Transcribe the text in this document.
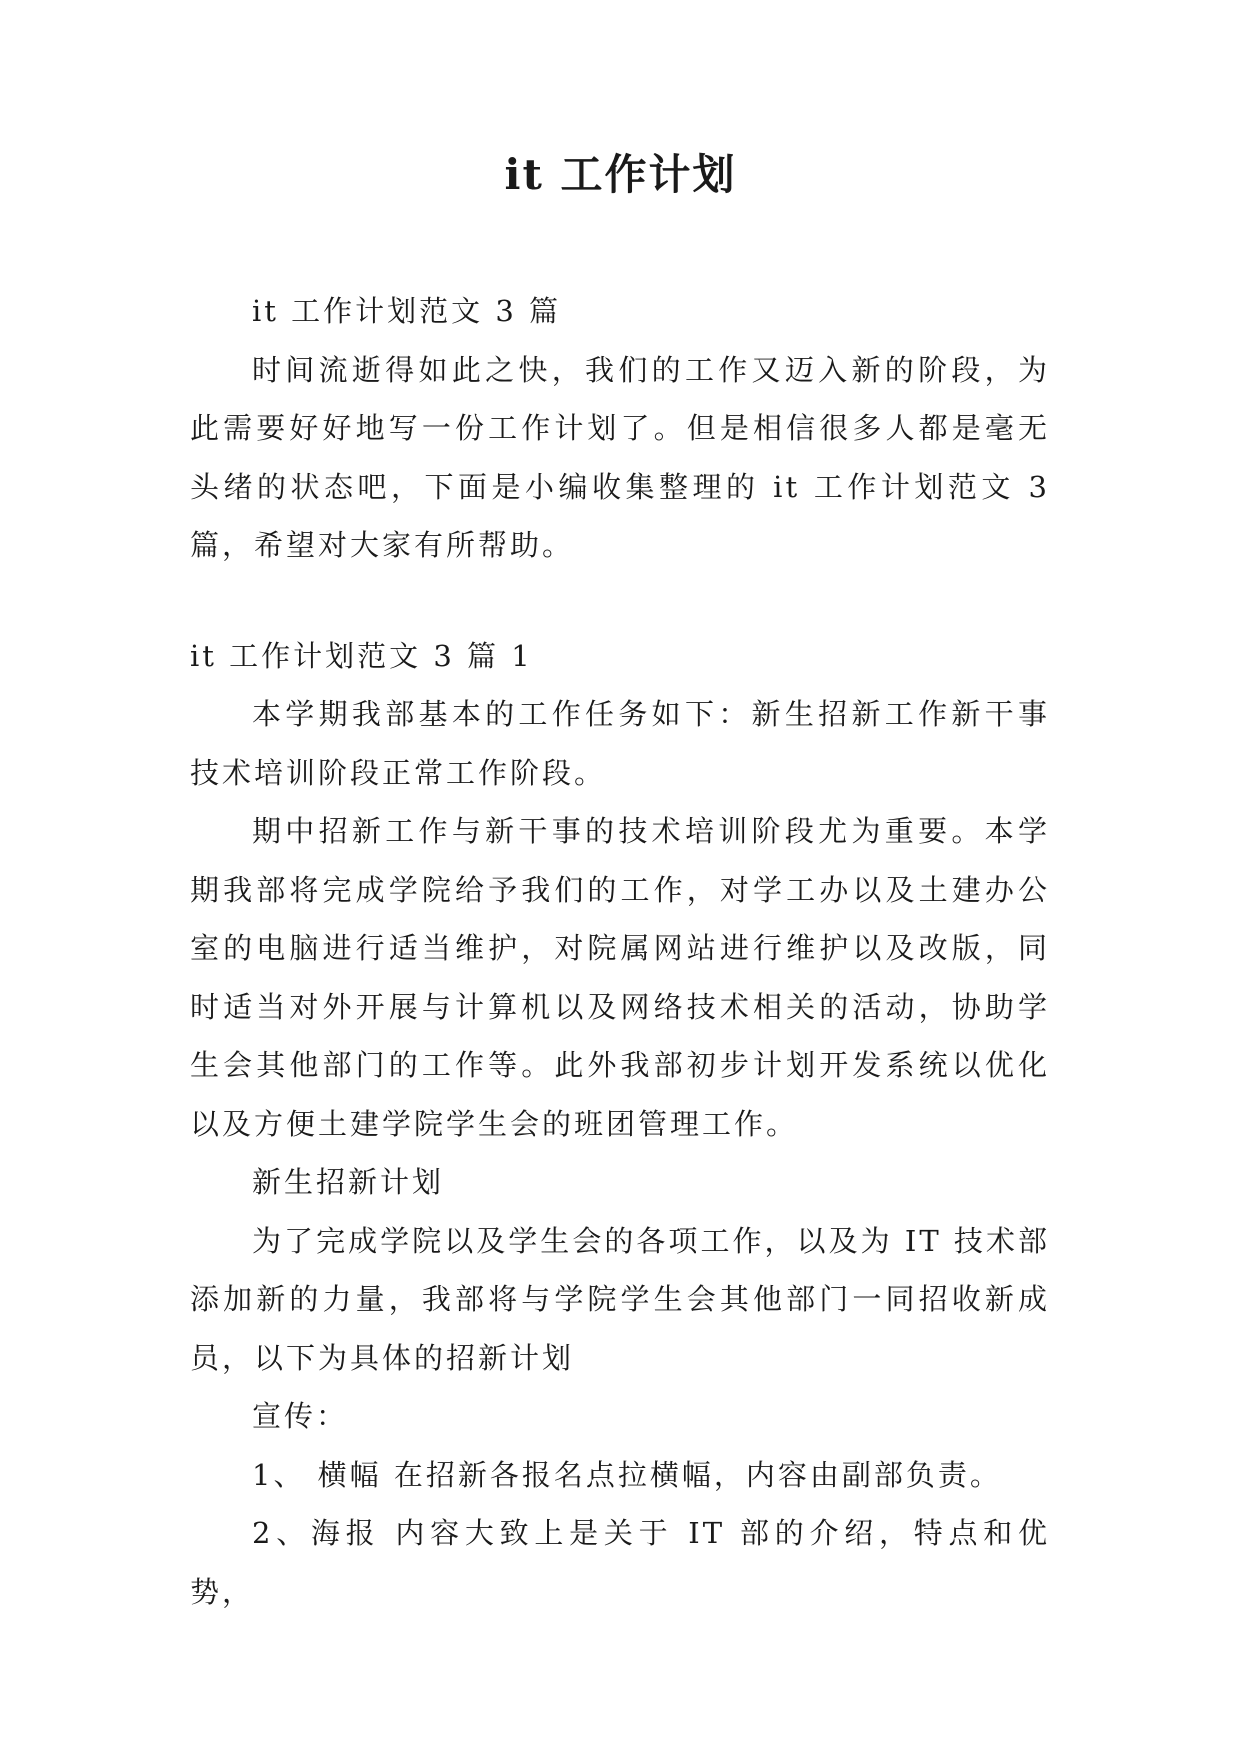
it 工作计划

it 工作计划范文 3 篇

时间流逝得如此之快，我们的工作又迈入新的阶段，为此需要好好地写一份工作计划了。但是相信很多人都是毫无头绪的状态吧，下面是小编收集整理的 it 工作计划范文 3 篇，希望对大家有所帮助。

it 工作计划范文 3 篇 1

本学期我部基本的工作任务如下：新生招新工作新干事技术培训阶段正常工作阶段。

期中招新工作与新干事的技术培训阶段尤为重要。本学期我部将完成学院给予我们的工作，对学工办以及土建办公室的电脑进行适当维护，对院属网站进行维护以及改版，同时适当对外开展与计算机以及网络技术相关的活动，协助学生会其他部门的工作等。此外我部初步计划开发系统以优化以及方便土建学院学生会的班团管理工作。

新生招新计划

为了完成学院以及学生会的各项工作，以及为 IT 技术部添加新的力量，我部将与学院学生会其他部门一同招收新成员，以下为具体的招新计划

宣传：

1、 横幅 在招新各报名点拉横幅，内容由副部负责。

2、海报 内容大致上是关于 IT 部的介绍，特点和优势，
